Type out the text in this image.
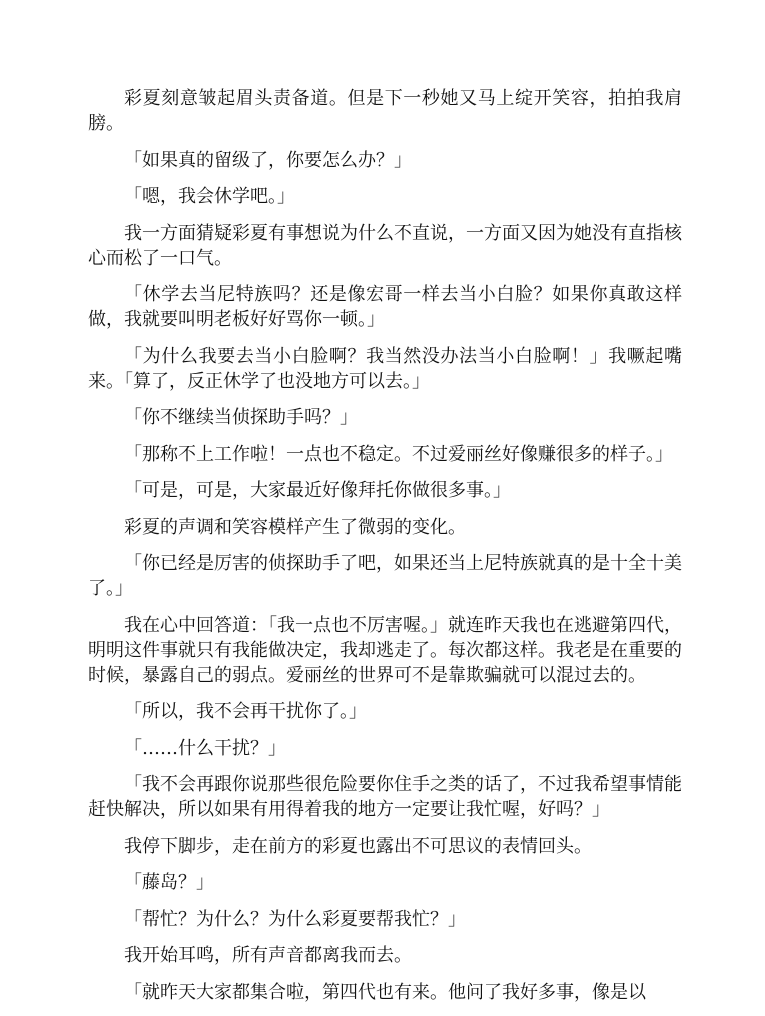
彩夏刻意皱起眉头责备道。但是下一秒她又马上绽开笑容，拍拍我肩膀。

「如果真的留级了，你要怎么办？」

「嗯，我会休学吧。」

我一方面猜疑彩夏有事想说为什么不直说，一方面又因为她没有直指核心而松了一口气。

「休学去当尼特族吗？还是像宏哥一样去当小白脸？如果你真敢这样做，我就要叫明老板好好骂你一顿。」

「为什么我要去当小白脸啊？我当然没办法当小白脸啊！」我噘起嘴来。「算了，反正休学了也没地方可以去。」

「你不继续当侦探助手吗？」

「那称不上工作啦！一点也不稳定。不过爱丽丝好像赚很多的样子。」

「可是，可是，大家最近好像拜托你做很多事。」

彩夏的声调和笑容模样产生了微弱的变化。

「你已经是厉害的侦探助手了吧，如果还当上尼特族就真的是十全十美了。」

我在心中回答道：「我一点也不厉害喔。」就连昨天我也在逃避第四代，明明这件事就只有我能做决定，我却逃走了。每次都这样。我老是在重要的时候，暴露自己的弱点。爱丽丝的世界可不是靠欺骗就可以混过去的。

「所以，我不会再干扰你了。」

「……什么干扰？」

「我不会再跟你说那些很危险要你住手之类的话了，不过我希望事情能赶快解决，所以如果有用得着我的地方一定要让我忙喔，好吗？」

我停下脚步，走在前方的彩夏也露出不可思议的表情回头。

「藤岛？」

「帮忙？为什么？为什么彩夏要帮我忙？」

我开始耳鸣，所有声音都离我而去。

「就昨天大家都集合啦，第四代也有来。他问了我好多事，像是以
